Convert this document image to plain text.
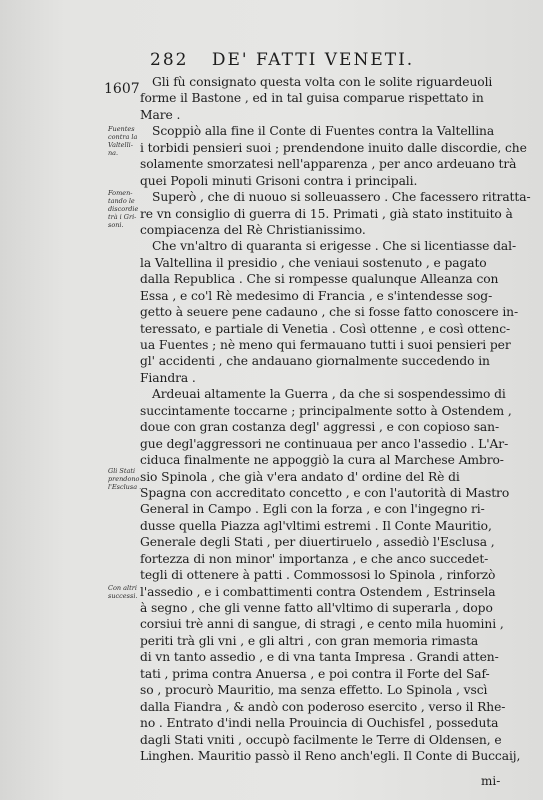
282 DE' FATTI VENETI.
1607
Fuentes
contra la
Valtelli-
na.
Fomen-
tando le
discordie
trà i Gri-
soni.
Gli Stati
prendono
l'Esclusa .
Con altri
successi.
Gli fù consignato questa volta con le solite riguardeuoli
forme il Bastone , ed in tal guisa comparue rispettato in
Mare .
Scoppiò alla fine il Conte di Fuentes contra la Valtellina
i torbidi pensieri suoi ; prendendone inuito dalle discordie, che
solamente smorzatesi nell'apparenza , per anco ardeuano trà
quei Popoli minuti Grisoni contra i principali.
Superò , che di nuouo si solleuassero . Che facessero ritratta-
re vn consiglio di guerra di 15. Primati , già stato instituito à
compiacenza del Rè Christianissimo.
Che vn'altro di quaranta si erigesse . Che si licentiasse dal-
la Valtellina il presidio , che veniaui sostenuto , e pagato
dalla Republica . Che si rompesse qualunque Alleanza con
Essa , e co'l Rè medesimo di Francia , e s'intendesse sog-
getto à seuere pene cadauno , che si fosse fatto conoscere in-
teressato, e partiale di Venetia . Così ottenne , e così ottenc-
ua Fuentes ; nè meno qui fermauano tutti i suoi pensieri per
gl' accidenti , che andauano giornalmente succedendo in
Fiandra .
Ardeuai altamente la Guerra , da che si sospendessimo di
succintamente toccarne ; principalmente sotto à Ostendem ,
doue con gran costanza degl' aggressi , e con copioso san-
gue degl'aggressori ne continuaua per anco l'assedio . L'Ar-
ciduca finalmente ne appoggiò la cura al Marchese Ambro-
sio Spinola , che già v'era andato d' ordine del Rè di
Spagna con accreditato concetto , e con l'autorità di Mastro
General in Campo . Egli con la forza , e con l'ingegno ri-
dusse quella Piazza agl'vltimi estremi . Il Conte Mauritio,
Generale degli Stati , per diuertiruelo , assediò l'Esclusa ,
fortezza di non minor' importanza , e che anco succedet-
tegli di ottenere à patti . Commossosi lo Spinola , rinforzò
l'assedio , e i combattimenti contra Ostendem , Estrinsela
à segno , che gli venne fatto all'vltimo di superarla , dopo
corsiui trè anni di sangue, di stragi , e cento mila huomini ,
periti trà gli vni , e gli altri , con gran memoria rimasta
di vn tanto assedio , e di vna tanta Impresa . Grandi atten-
tati , prima contra Anuersa , e poi contra il Forte del Saf-
so , procurò Mauritio, ma senza effetto. Lo Spinola , vscì
dalla Fiandra , & andò con poderoso esercito , verso il Rhe-
no . Entrato d'indi nella Prouincia di Ouchisfel , posseduta
dagli Stati vniti , occupò facilmente le Terre di Oldensen, e
Linghen. Mauritio passò il Reno anch'egli. Il Conte di Buccaij,
mi-
